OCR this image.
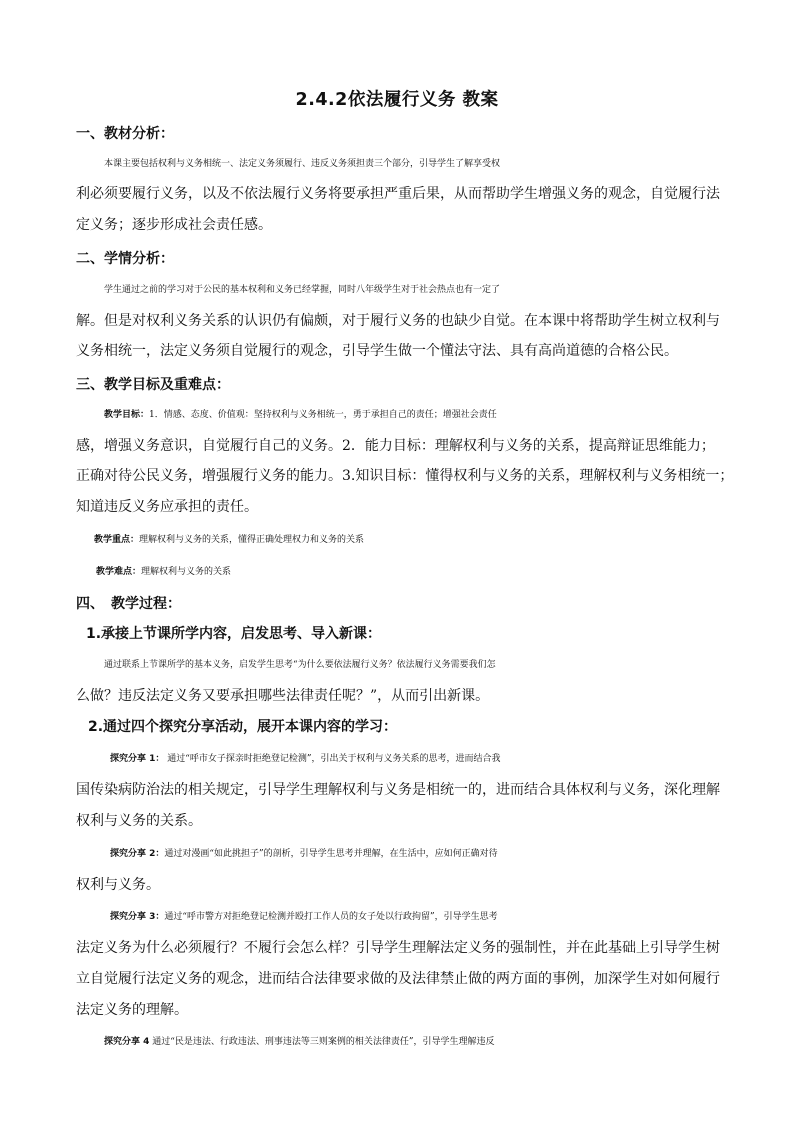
2.4.2依法履行义务 教案
一、教材分析：
本课主要包括权利与义务相统一、法定义务须履行、违反义务须担责三个部分，引导学生了解享受权
利必须要履行义务，以及不依法履行义务将要承担严重后果，从而帮助学生增强义务的观念，自觉履行法
定义务；逐步形成社会责任感。
二、学情分析：
学生通过之前的学习对于公民的基本权利和义务已经掌握，同时八年级学生对于社会热点也有一定了
解。但是对权利义务关系的认识仍有偏颇，对于履行义务的也缺少自觉。在本课中将帮助学生树立权利与
义务相统一，法定义务须自觉履行的观念，引导学生做一个懂法守法、具有高尚道德的合格公民。
三、教学目标及重难点：
教学目标：1．情感、态度、价值观：坚持权利与义务相统一，勇于承担自己的责任；增强社会责任
感，增强义务意识，自觉履行自己的义务。2．能力目标：理解权利与义务的关系，提高辩证思维能力；
正确对待公民义务，增强履行义务的能力。3.知识目标：懂得权利与义务的关系，理解权利与义务相统一；
知道违反义务应承担的责任。
教学重点：理解权利与义务的关系，懂得正确处理权力和义务的关系
教学难点：理解权利与义务的关系
四、　教学过程：
1.承接上节课所学内容，启发思考、导入新课：
通过联系上节课所学的基本义务，启发学生思考“为什么要依法履行义务？依法履行义务需要我们怎
么做？违反法定义务又要承担哪些法律责任呢？”，从而引出新课。
2.通过四个探究分享活动，展开本课内容的学习：
探究分享 1： 通过“呼市女子探亲时拒绝登记检测”，引出关于权利与义务关系的思考，进而结合我
国传染病防治法的相关规定，引导学生理解权利与义务是相统一的，进而结合具体权利与义务，深化理解
权利与义务的关系。
探究分享 2：通过对漫画“如此挑担子”的剖析，引导学生思考并理解，在生活中，应如何正确对待
权利与义务。
探究分享 3：通过“呼市警方对拒绝登记检测并殴打工作人员的女子处以行政拘留”，引导学生思考
法定义务为什么必须履行？不履行会怎么样？引导学生理解法定义务的强制性，并在此基础上引导学生树
立自觉履行法定义务的观念，进而结合法律要求做的及法律禁止做的两方面的事例，加深学生对如何履行
法定义务的理解。
探究分享 4 通过“民是违法、行政违法、刑事违法等三则案例的相关法律责任”，引导学生理解违反
